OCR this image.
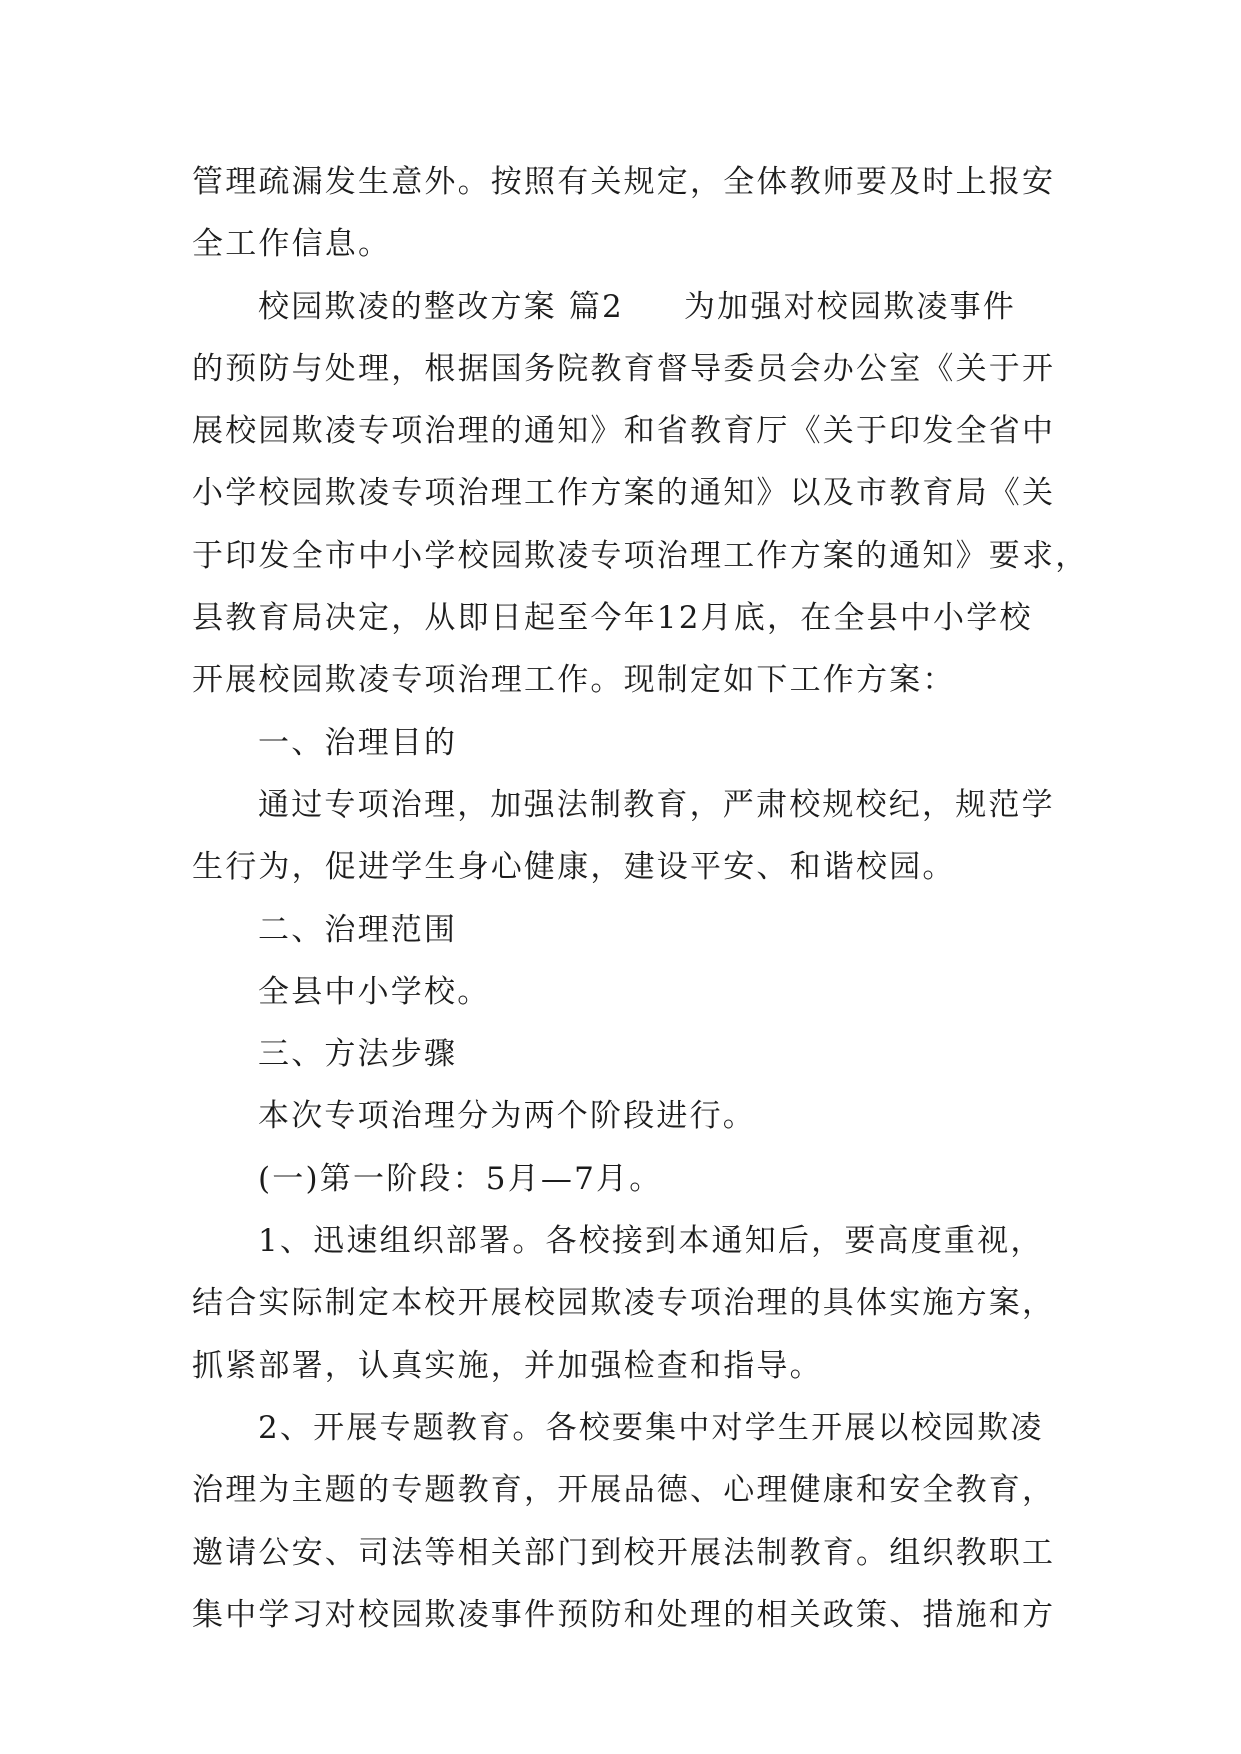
管理疏漏发生意外。按照有关规定，全体教师要及时上报安
全工作信息。
校园欺凌的整改方案 篇2 为加强对校园欺凌事件
的预防与处理，根据国务院教育督导委员会办公室《关于开
展校园欺凌专项治理的通知》和省教育厅《关于印发全省中
小学校园欺凌专项治理工作方案的通知》以及市教育局《关
于印发全市中小学校园欺凌专项治理工作方案的通知》要求，
县教育局决定，从即日起至今年12月底，在全县中小学校
开展校园欺凌专项治理工作。现制定如下工作方案：
一、治理目的
通过专项治理，加强法制教育，严肃校规校纪，规范学
生行为，促进学生身心健康，建设平安、和谐校园。
二、治理范围
全县中小学校。
三、方法步骤
本次专项治理分为两个阶段进行。
(一)第一阶段：5月—7月。
1、迅速组织部署。各校接到本通知后，要高度重视，
结合实际制定本校开展校园欺凌专项治理的具体实施方案，
抓紧部署，认真实施，并加强检查和指导。
2、开展专题教育。各校要集中对学生开展以校园欺凌
治理为主题的专题教育，开展品德、心理健康和安全教育，
邀请公安、司法等相关部门到校开展法制教育。组织教职工
集中学习对校园欺凌事件预防和处理的相关政策、措施和方
